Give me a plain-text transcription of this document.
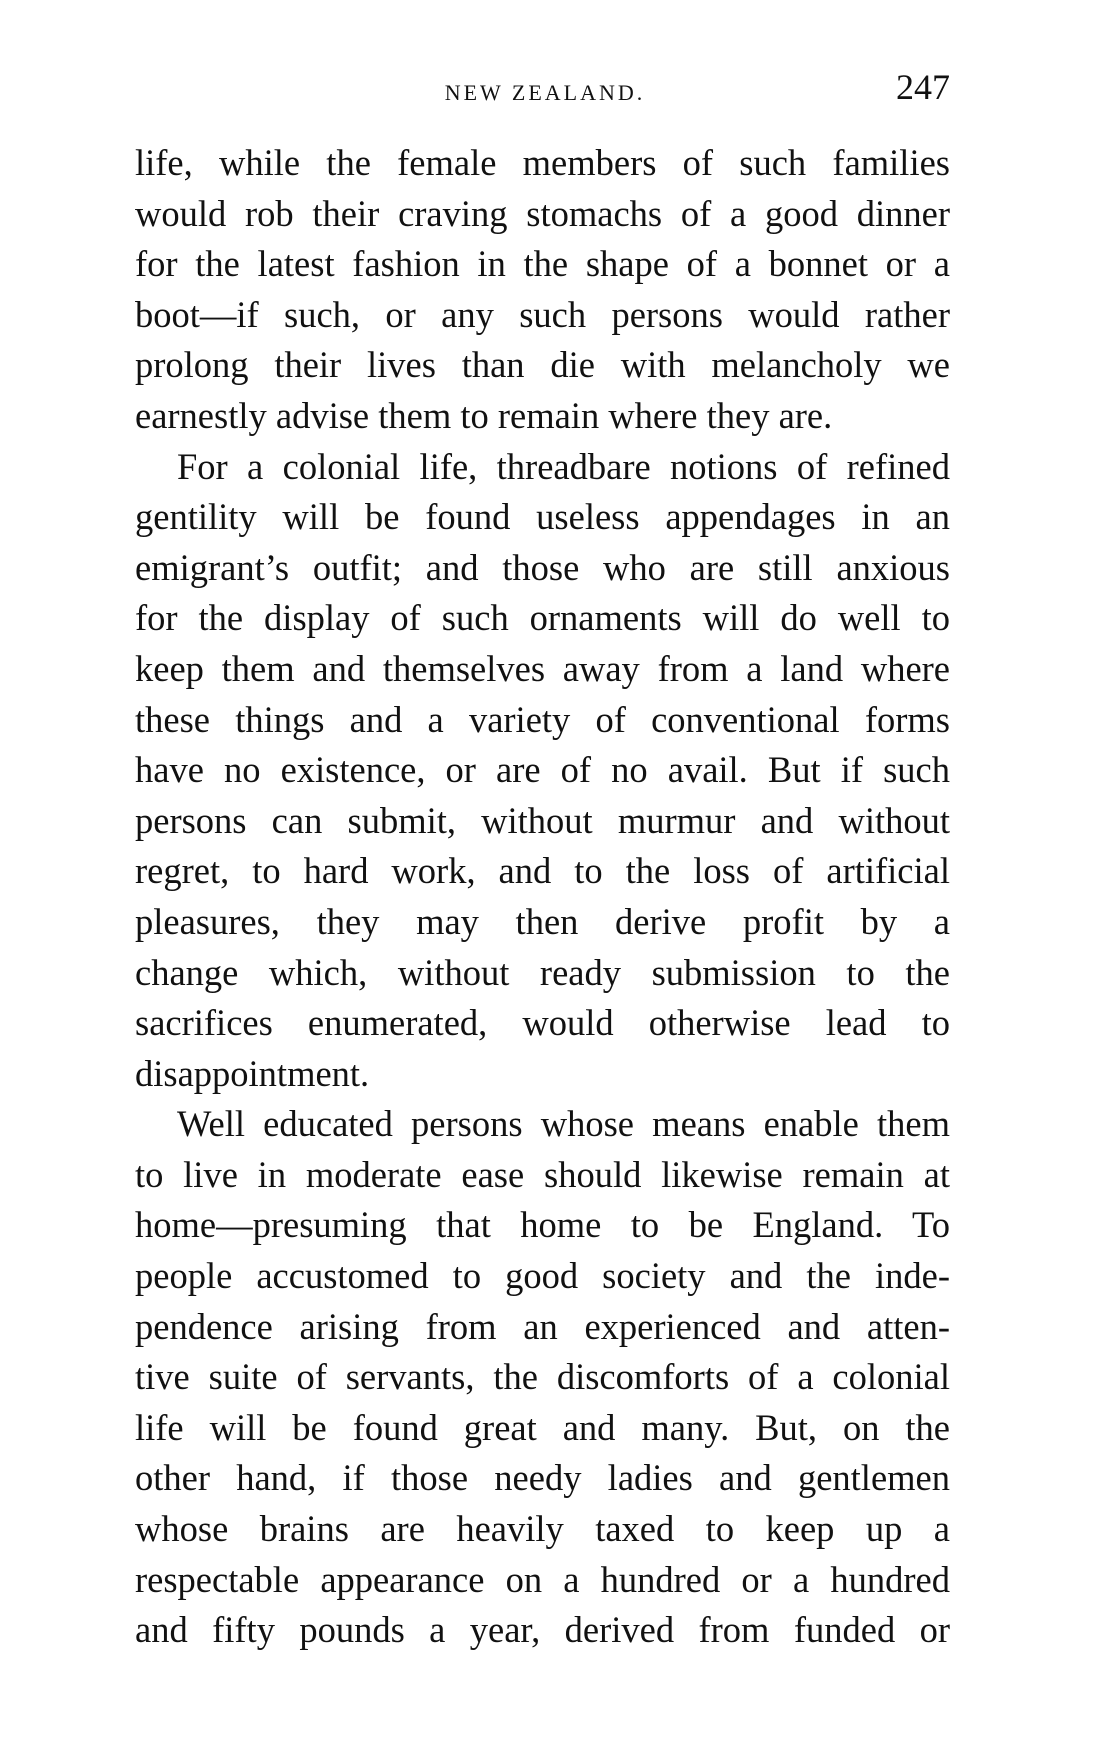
NEW ZEALAND.	247
life, while the female members of such families
would rob their craving stomachs of a good dinner
for the latest fashion in the shape of a bonnet or a
boot—if such, or any such persons would rather
prolong their lives than die with melancholy we
earnestly advise them to remain where they are.
For a colonial life, threadbare notions of refined
gentility will be found useless appendages in an
emigrant’s outfit; and those who are still anxious
for the display of such ornaments will do well to
keep them and themselves away from a land where
these things and a variety of conventional forms
have no existence, or are of no avail. But if such
persons can submit, without murmur and without
regret, to hard work, and to the loss of artificial
pleasures, they may then derive profit by a
change which, without ready submission to the
sacrifices enumerated, would otherwise lead to
disappointment.
Well educated persons whose means enable them
to live in moderate ease should likewise remain at
home—presuming that home to be England. To
people accustomed to good society and the inde-
pendence arising from an experienced and atten-
tive suite of servants, the discomforts of a colonial
life will be found great and many. But, on the
other hand, if those needy ladies and gentlemen
whose brains are heavily taxed to keep up a
respectable appearance on a hundred or a hundred
and fifty pounds a year, derived from funded or
